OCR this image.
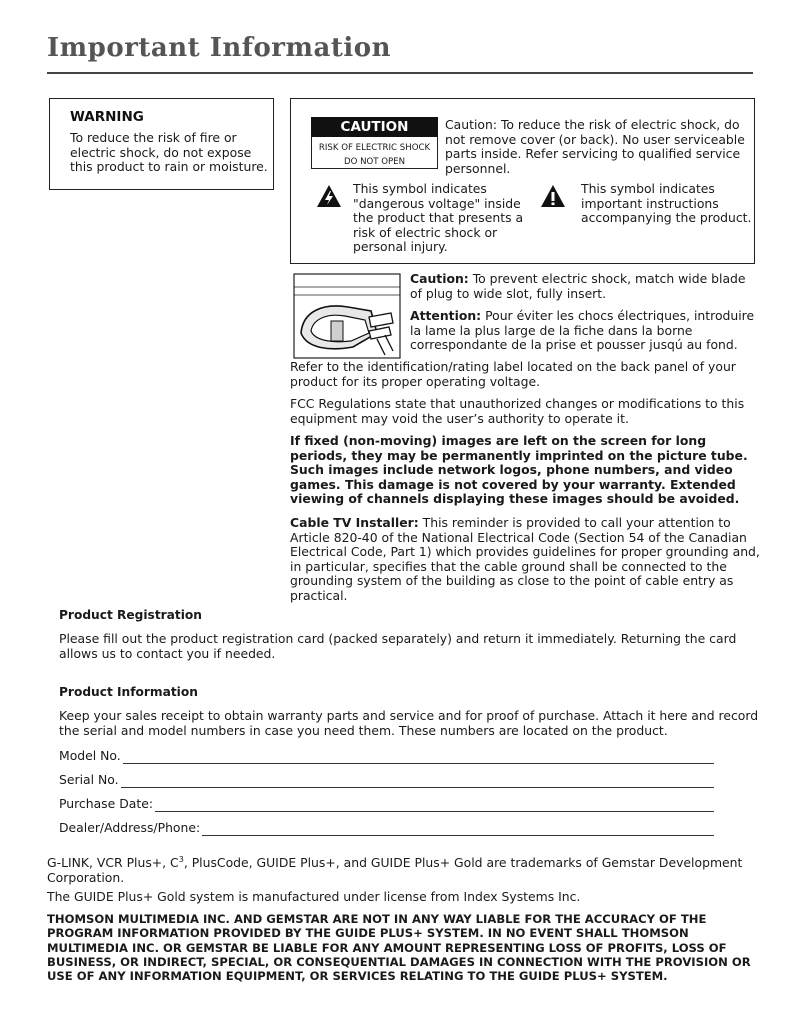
Important Information
WARNING
To reduce the risk of fire or electric shock, do not expose this product to rain or moisture.
CAUTION
RISK OF ELECTRIC SHOCK
DO NOT OPEN
Caution: To reduce the risk of electric shock, do not remove cover (or back). No user serviceable parts inside. Refer servicing to qualified service personnel.
This symbol indicates "dangerous voltage" inside the product that presents a risk of electric shock or personal injury.
This symbol indicates important instructions accompanying the product.
Caution: To prevent electric shock, match wide blade of plug to wide slot, fully insert.
Attention: Pour éviter les chocs électriques, introduire la lame la plus large de la fiche dans la borne correspondante de la prise et pousser jusqú au fond.
Refer to the identification/rating label located on the back panel of your product for its proper operating voltage.
FCC Regulations state that unauthorized changes or modifications to this equipment may void the user’s authority to operate it.
If fixed (non-moving) images are left on the screen for long periods, they may be permanently imprinted on the picture tube. Such images include network logos, phone numbers, and video games. This damage is not covered by your warranty. Extended viewing of channels displaying these images should be avoided.
Cable TV Installer: This reminder is provided to call your attention to Article 820-40 of the National Electrical Code (Section 54 of the Canadian Electrical Code, Part 1) which provides guidelines for proper grounding and, in particular, specifies that the cable ground shall be connected to the grounding system of the building as close to the point of cable entry as practical.
Product Registration
Please fill out the product registration card (packed separately) and return it immediately. Returning the card allows us to contact you if needed.
Product Information
Keep your sales receipt to obtain warranty parts and service and for proof of purchase. Attach it here and record the serial and model numbers in case you need them. These numbers are located on the product.
Model No.
Serial No.
Purchase Date:
Dealer/Address/Phone:
G-LINK, VCR Plus+, $C^3$, PlusCode, GUIDE Plus+, and GUIDE Plus+ Gold are trademarks of Gemstar Development Corporation.
The GUIDE Plus+ Gold system is manufactured under license from Index Systems Inc.
THOMSON MULTIMEDIA INC. AND GEMSTAR ARE NOT IN ANY WAY LIABLE FOR THE ACCURACY OF THE PROGRAM INFORMATION PROVIDED BY THE GUIDE PLUS+ SYSTEM. IN NO EVENT SHALL THOMSON MULTIMEDIA INC. OR GEMSTAR BE LIABLE FOR ANY AMOUNT REPRESENTING LOSS OF PROFITS, LOSS OF BUSINESS, OR INDIRECT, SPECIAL, OR CONSEQUENTIAL DAMAGES IN CONNECTION WITH THE PROVISION OR USE OF ANY INFORMATION EQUIPMENT, OR SERVICES RELATING TO THE GUIDE PLUS+ SYSTEM.
